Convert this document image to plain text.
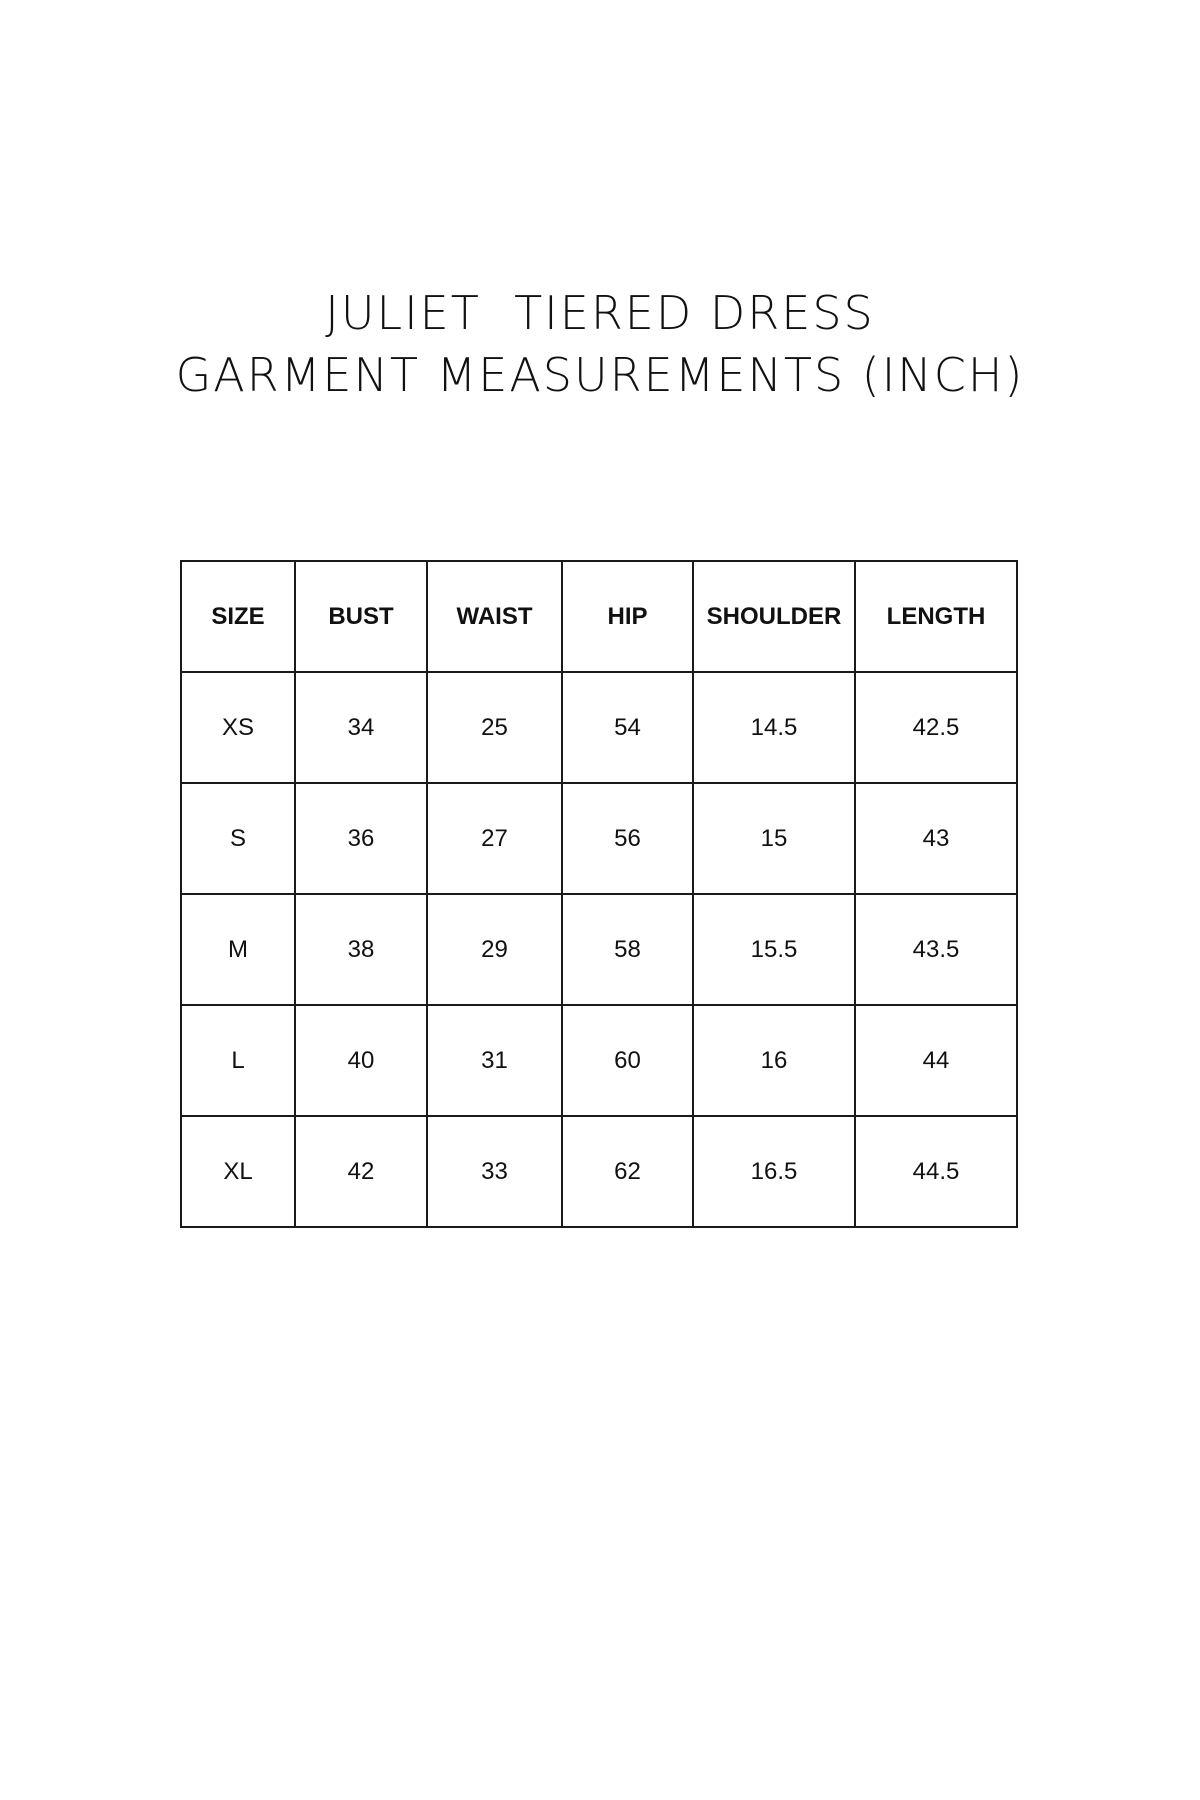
JULIET  TIERED DRESS
GARMENT MEASUREMENTS (INCH)
SIZE	BUST	WAIST	HIP	SHOULDER	LENGTH
XS	34	25	54	14.5	42.5
S	36	27	56	15	43
M	38	29	58	15.5	43.5
L	40	31	60	16	44
XL	42	33	62	16.5	44.5
